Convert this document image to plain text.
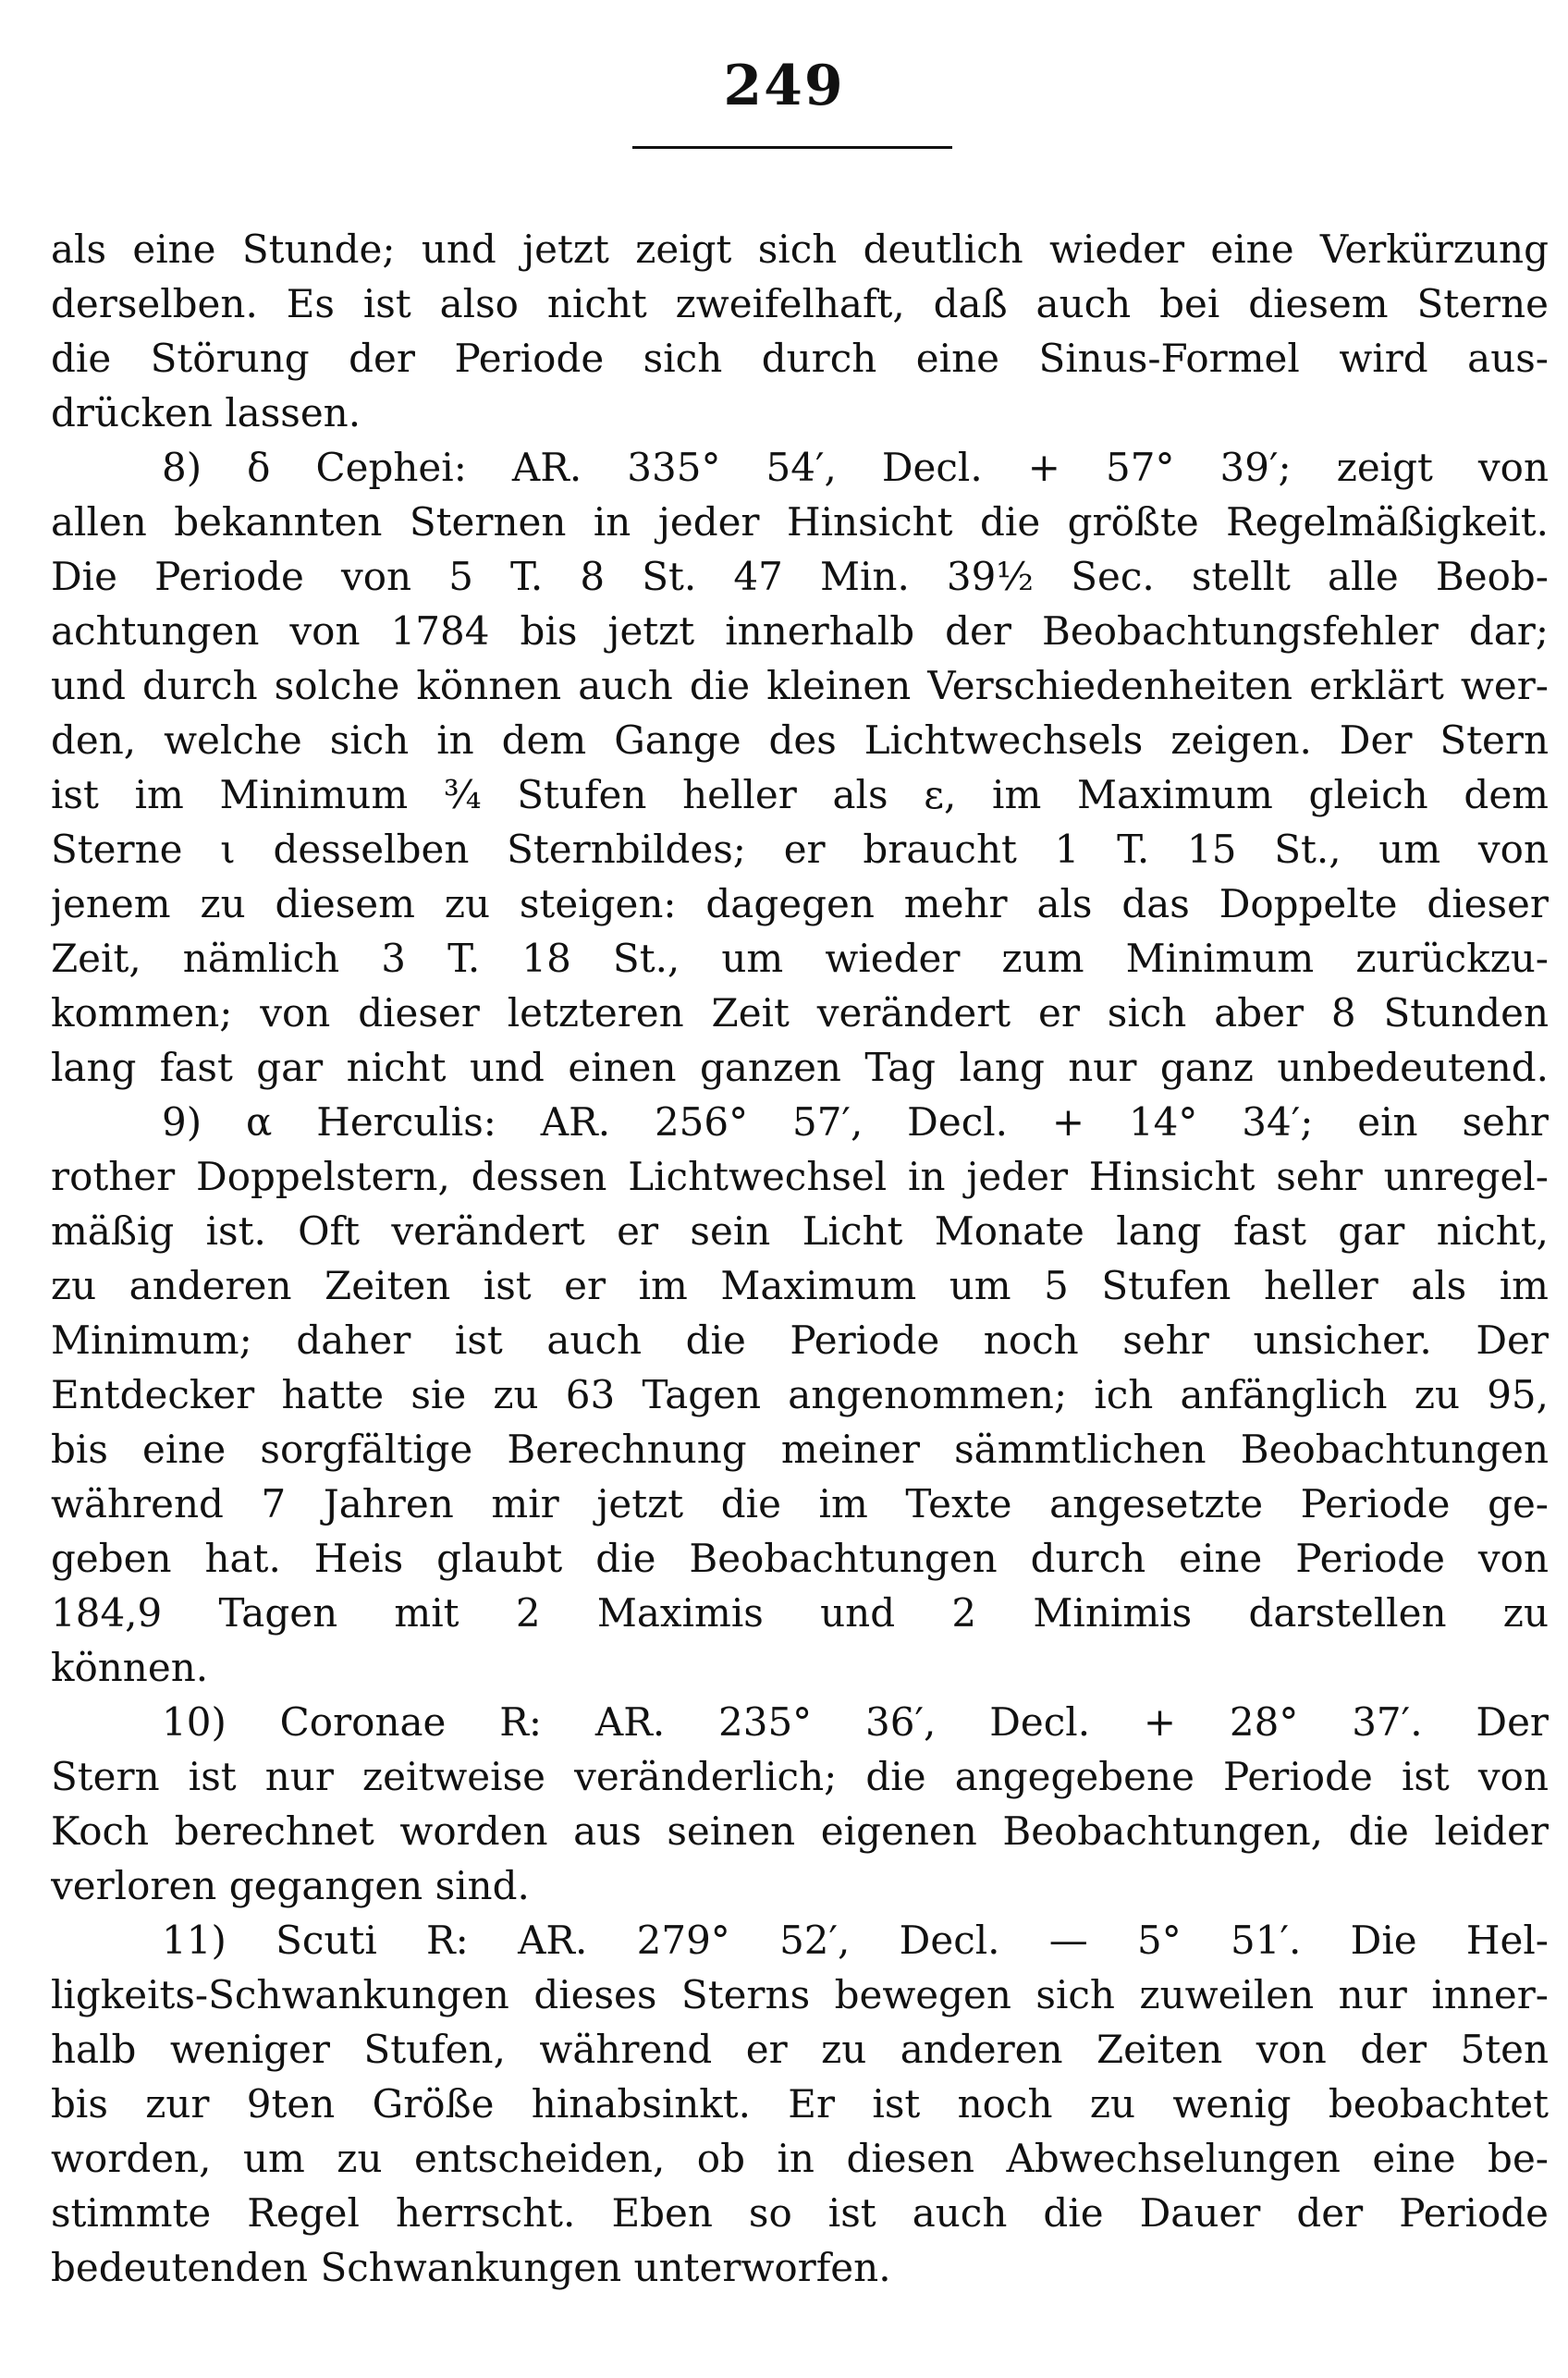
249
als eine Stunde; und jetzt zeigt sich deutlich wieder eine Verkürzung
derselben. Es ist also nicht zweifelhaft, daß auch bei diesem Sterne
die Störung der Periode sich durch eine Sinus-Formel wird aus-
drücken lassen.
8) δ Cephei: AR. 335° 54′, Decl. + 57° 39′; zeigt von
allen bekannten Sternen in jeder Hinsicht die größte Regelmäßigkeit.
Die Periode von 5 T. 8 St. 47 Min. 39½ Sec. stellt alle Beob-
achtungen von 1784 bis jetzt innerhalb der Beobachtungsfehler dar;
und durch solche können auch die kleinen Verschiedenheiten erklärt wer-
den, welche sich in dem Gange des Lichtwechsels zeigen. Der Stern
ist im Minimum ¾ Stufen heller als ε, im Maximum gleich dem
Sterne ι desselben Sternbildes; er braucht 1 T. 15 St., um von
jenem zu diesem zu steigen: dagegen mehr als das Doppelte dieser
Zeit, nämlich 3 T. 18 St., um wieder zum Minimum zurückzu-
kommen; von dieser letzteren Zeit verändert er sich aber 8 Stunden
lang fast gar nicht und einen ganzen Tag lang nur ganz unbedeutend.
9) α Herculis: AR. 256° 57′, Decl. + 14° 34′; ein sehr
rother Doppelstern, dessen Lichtwechsel in jeder Hinsicht sehr unregel-
mäßig ist. Oft verändert er sein Licht Monate lang fast gar nicht,
zu anderen Zeiten ist er im Maximum um 5 Stufen heller als im
Minimum; daher ist auch die Periode noch sehr unsicher. Der
Entdecker hatte sie zu 63 Tagen angenommen; ich anfänglich zu 95,
bis eine sorgfältige Berechnung meiner sämmtlichen Beobachtungen
während 7 Jahren mir jetzt die im Texte angesetzte Periode ge-
geben hat. Heis glaubt die Beobachtungen durch eine Periode von
184,9 Tagen mit 2 Maximis und 2 Minimis darstellen zu
können.
10) Coronae R: AR. 235° 36′, Decl. + 28° 37′. Der
Stern ist nur zeitweise veränderlich; die angegebene Periode ist von
Koch berechnet worden aus seinen eigenen Beobachtungen, die leider
verloren gegangen sind.
11) Scuti R: AR. 279° 52′, Decl. — 5° 51′. Die Hel-
ligkeits-Schwankungen dieses Sterns bewegen sich zuweilen nur inner-
halb weniger Stufen, während er zu anderen Zeiten von der 5ten
bis zur 9ten Größe hinabsinkt. Er ist noch zu wenig beobachtet
worden, um zu entscheiden, ob in diesen Abwechselungen eine be-
stimmte Regel herrscht. Eben so ist auch die Dauer der Periode
bedeutenden Schwankungen unterworfen.
